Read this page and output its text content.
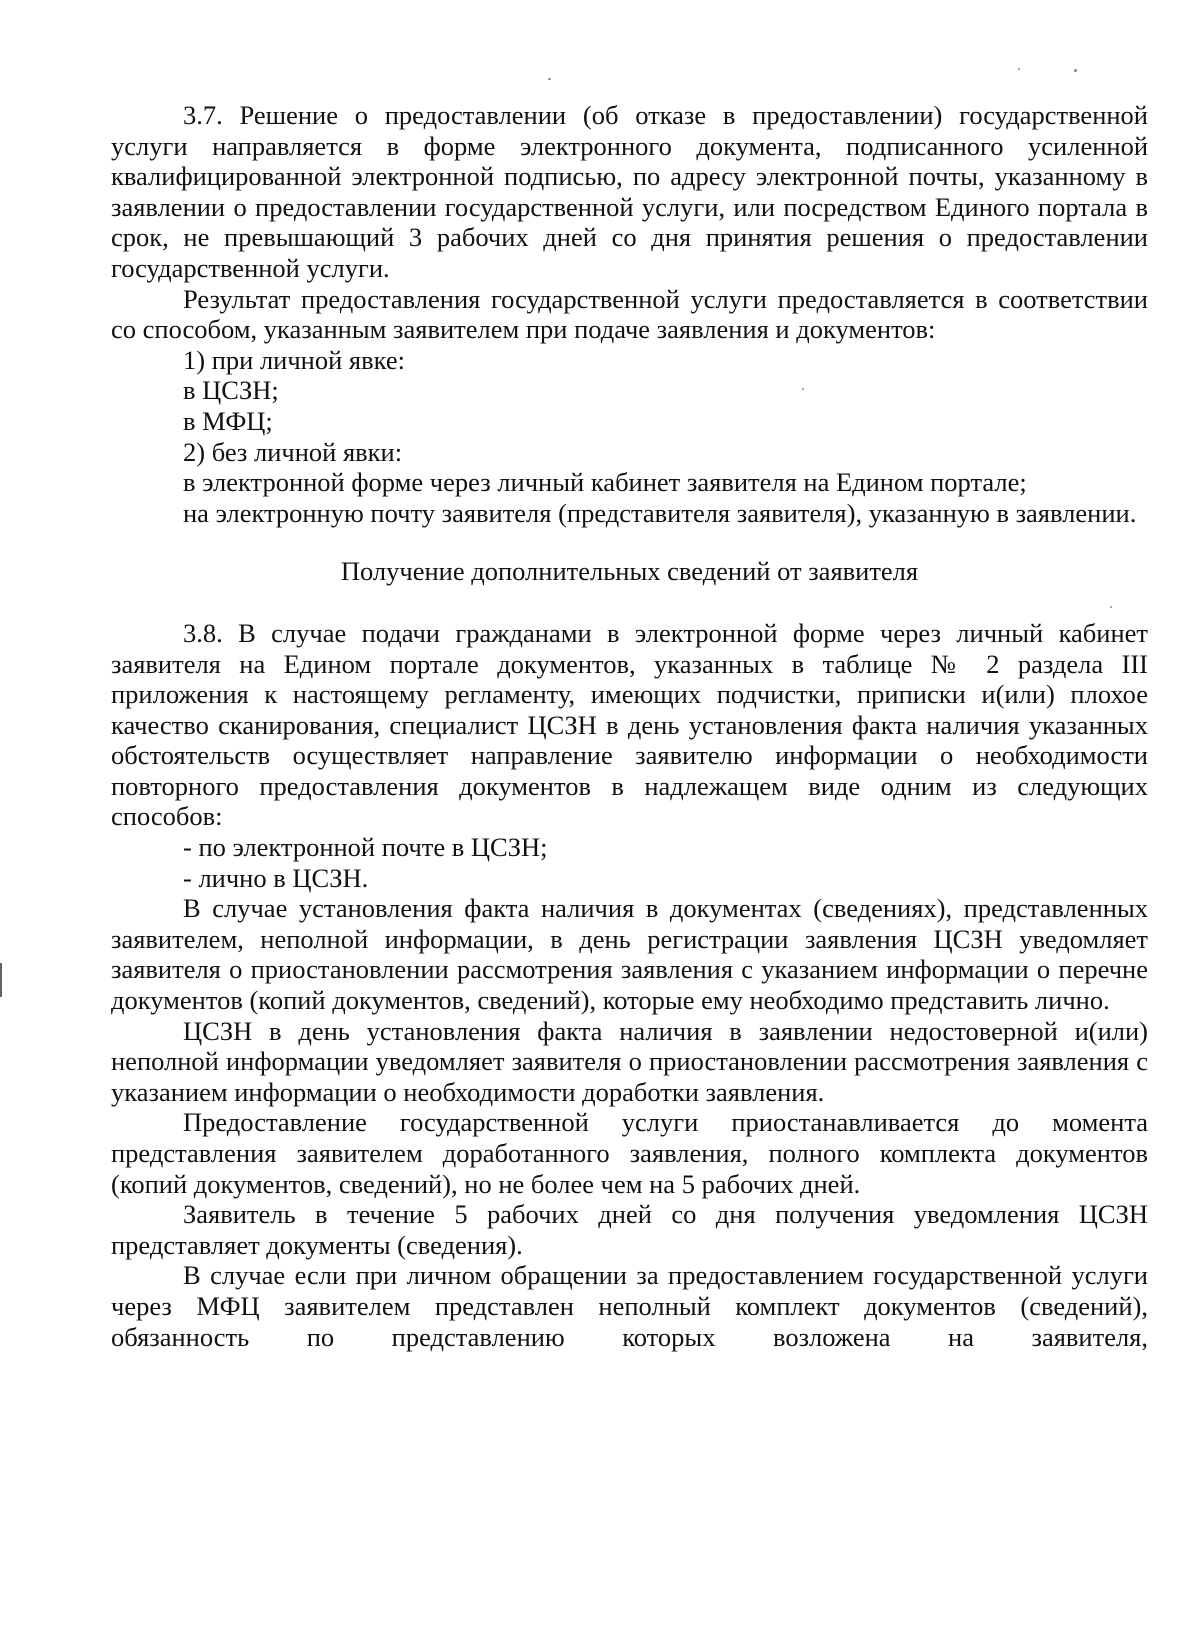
3.7. Решение о предоставлении (об отказе в предоставлении) государственной услуги направляется в форме электронного документа, подписанного усиленной квалифицированной электронной подписью, по адресу электронной почты, указанному в заявлении о предоставлении государственной услуги, или посредством Единого портала в срок, не превышающий 3 рабочих дней со дня принятия решения о предоставлении государственной услуги.

Результат предоставления государственной услуги предоставляется в соответствии со способом, указанным заявителем при подаче заявления и документов:

1) при личной явке:

в ЦСЗН;

в МФЦ;

2) без личной явки:

в электронной форме через личный кабинет заявителя на Едином портале;

на электронную почту заявителя (представителя заявителя), указанную в заявлении.

Получение дополнительных сведений от заявителя

3.8. В случае подачи гражданами в электронной форме через личный кабинет заявителя на Едином портале документов, указанных в таблице № 2 раздела III приложения к настоящему регламенту, имеющих подчистки, приписки и(или) плохое качество сканирования, специалист ЦСЗН в день установления факта наличия указанных обстоятельств осуществляет направление заявителю информации о необходимости повторного предоставления документов в надлежащем виде одним из следующих способов:

- по электронной почте в ЦСЗН;

- лично в ЦСЗН.

В случае установления факта наличия в документах (сведениях), представленных заявителем, неполной информации, в день регистрации заявления ЦСЗН уведомляет заявителя о приостановлении рассмотрения заявления с указанием информации о перечне документов (копий документов, сведений), которые ему необходимо представить лично.

ЦСЗН в день установления факта наличия в заявлении недостоверной и(или) неполной информации уведомляет заявителя о приостановлении рассмотрения заявления с указанием информации о необходимости доработки заявления.

Предоставление государственной услуги приостанавливается до момента представления заявителем доработанного заявления, полного комплекта документов (копий документов, сведений), но не более чем на 5 рабочих дней.

Заявитель в течение 5 рабочих дней со дня получения уведомления ЦСЗН представляет документы (сведения).

В случае если при личном обращении за предоставлением государственной услуги через МФЦ заявителем представлен неполный комплект документов (сведений), обязанность по представлению которых возложена на заявителя,
